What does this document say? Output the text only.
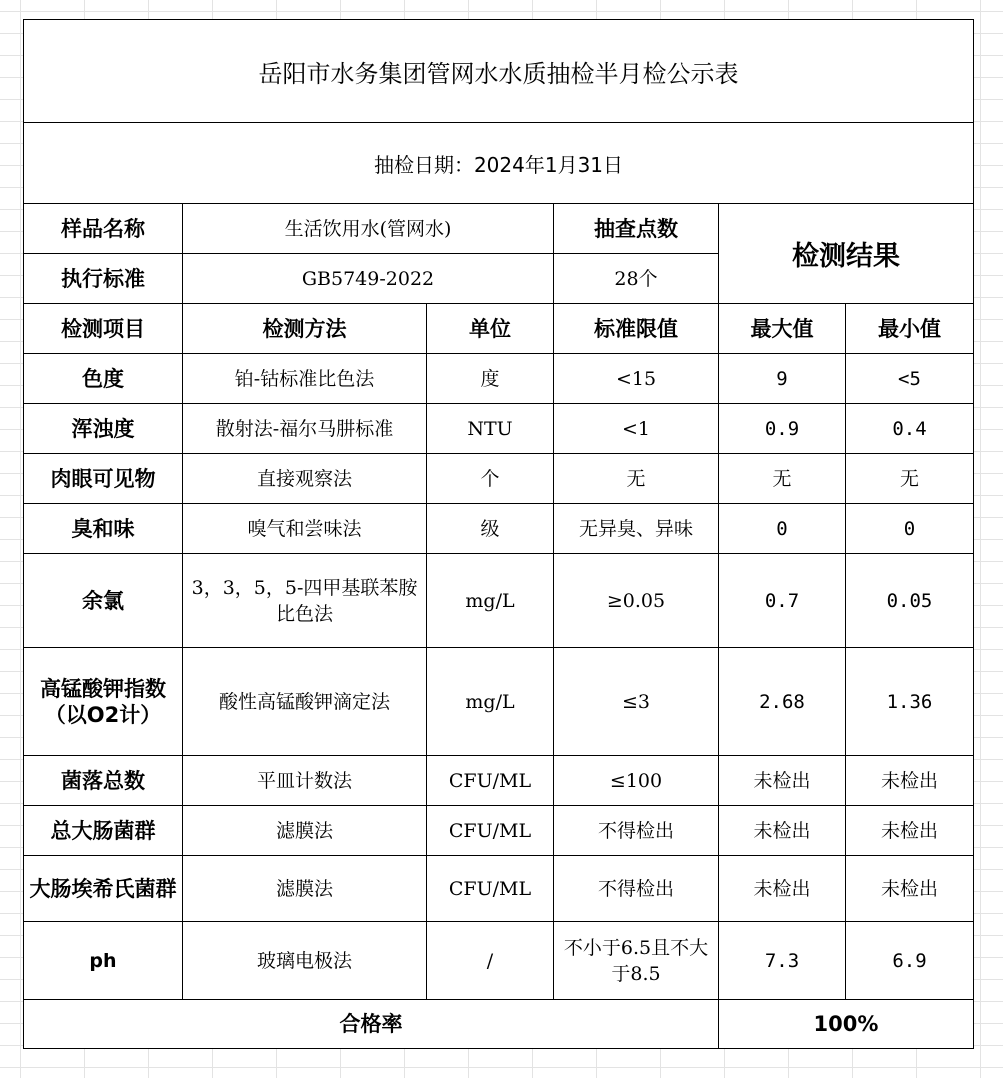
岳阳市水务集团管网水水质抽检半月检公示表					
抽检日期：2024年1月31日					
样品名称	生活饮用水(管网水)		抽查点数	检测结果	
执行标准	GB5749-2022		28个		
检测项目	检测方法	单位	标准限值	最大值	最小值
色度	铂-钴标准比色法	度	<15	9	<5
浑浊度	散射法-福尔马肼标准	NTU	<1	0.9	0.4
肉眼可见物	直接观察法	个	无	无	无
臭和味	嗅气和尝味法	级	无异臭、异味	0	0
余氯	3，3，5，5-四甲基联苯胺比色法	mg/L	≥0.05	0.7	0.05
高锰酸钾指数（以O2计）	酸性高锰酸钾滴定法	mg/L	≤3	2.68	1.36
菌落总数	平皿计数法	CFU/ML	≤100	未检出	未检出
总大肠菌群	滤膜法	CFU/ML	不得检出	未检出	未检出
大肠埃希氏菌群	滤膜法	CFU/ML	不得检出	未检出	未检出
ph	玻璃电极法	/	不小于6.5且不大于8.5	7.3	6.9
合格率				100%	
